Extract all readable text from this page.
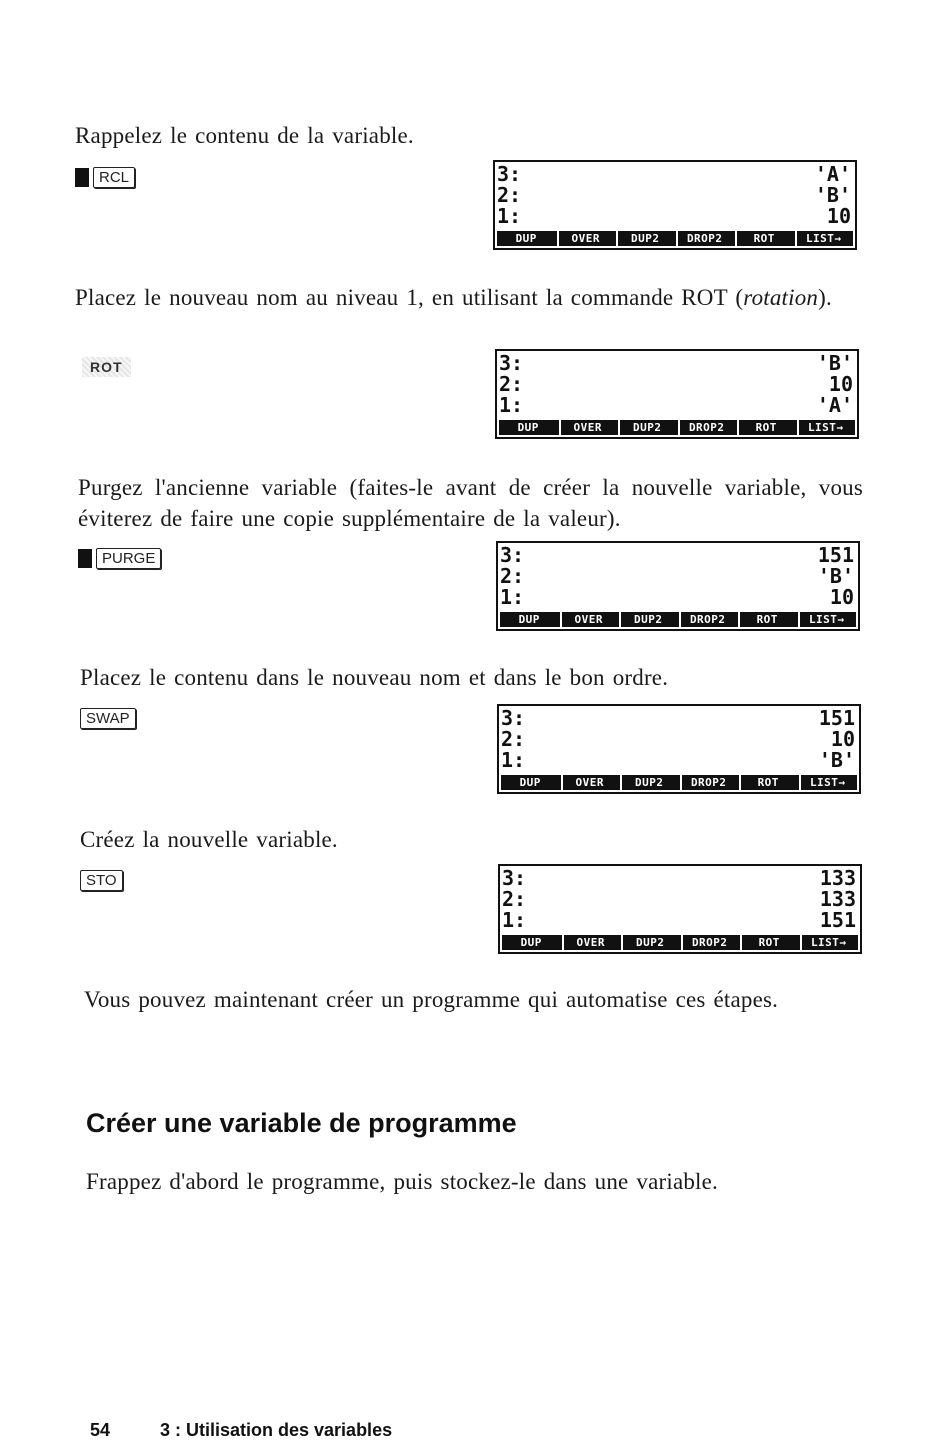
Rappelez le contenu de la variable.
RCL	3:	'A'
2:	'B'
1:	10
DUP	OVER	DUP2	DROP2	ROT	LIST→
Placez le nouveau nom au niveau 1, en utilisant la commande ROT (rotation).
ROT	3:	'B'
2:	10
1:	'A'
DUP	OVER	DUP2	DROP2	ROT	LIST→
Purgez l'ancienne variable (faites-le avant de créer la nouvelle variable, vous éviterez de faire une copie supplémentaire de la valeur).
PURGE	3:	151
2:	'B'
1:	10
DUP	OVER	DUP2	DROP2	ROT	LIST→
Placez le contenu dans le nouveau nom et dans le bon ordre.
SWAP	3:	151
2:	10
1:	'B'
DUP	OVER	DUP2	DROP2	ROT	LIST→
Créez la nouvelle variable.
STO	3:	133
2:	133
1:	151
DUP	OVER	DUP2	DROP2	ROT	LIST→
Vous pouvez maintenant créer un programme qui automatise ces étapes.
Créer une variable de programme
Frappez d'abord le programme, puis stockez-le dans une variable.
54	3 : Utilisation des variables
